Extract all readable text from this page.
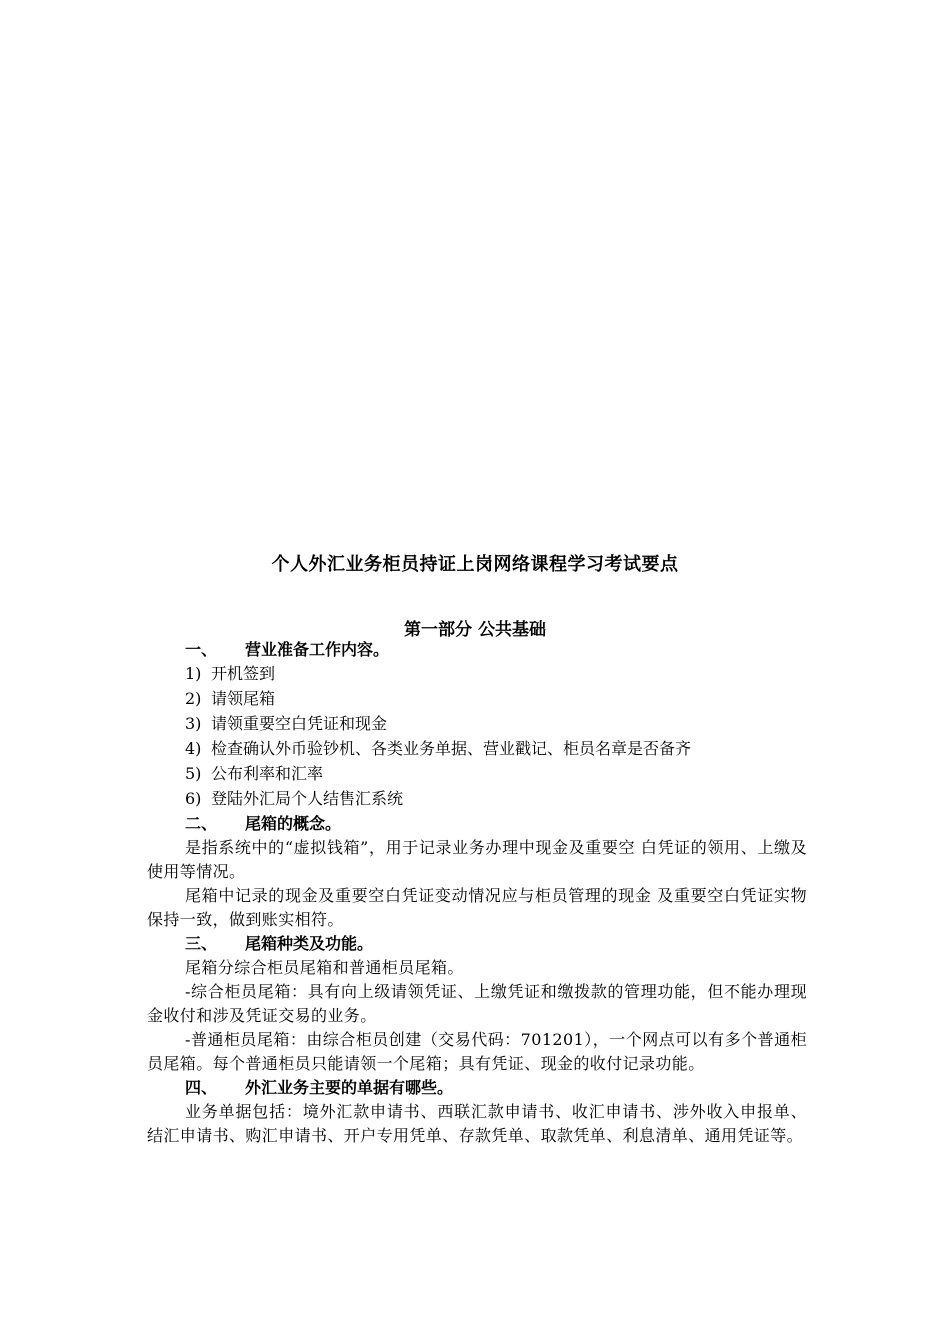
个人外汇业务柜员持证上岗网络课程学习考试要点
第一部分 公共基础
一、 营业准备工作内容。
1) 开机签到
2) 请领尾箱
3) 请领重要空白凭证和现金
4) 检查确认外币验钞机、各类业务单据、营业戳记、柜员名章是否备齐
5) 公布利率和汇率
6) 登陆外汇局个人结售汇系统
二、 尾箱的概念。
是指系统中的“虚拟钱箱”，用于记录业务办理中现金及重要空 白凭证的领用、上缴及使用等情况。
尾箱中记录的现金及重要空白凭证变动情况应与柜员管理的现金 及重要空白凭证实物保持一致，做到账实相符。
三、 尾箱种类及功能。
尾箱分综合柜员尾箱和普通柜员尾箱。
-综合柜员尾箱：具有向上级请领凭证、上缴凭证和缴拨款的管理功能，但不能办理现金收付和涉及凭证交易的业务。
-普通柜员尾箱：由综合柜员创建（交易代码：701201），一个网点可以有多个普通柜员尾箱。每个普通柜员只能请领一个尾箱；具有凭证、现金的收付记录功能。
四、 外汇业务主要的单据有哪些。
业务单据包括：境外汇款申请书、西联汇款申请书、收汇申请书、涉外收入申报单、结汇申请书、购汇申请书、开户专用凭单、存款凭单、取款凭单、利息清单、通用凭证等。
